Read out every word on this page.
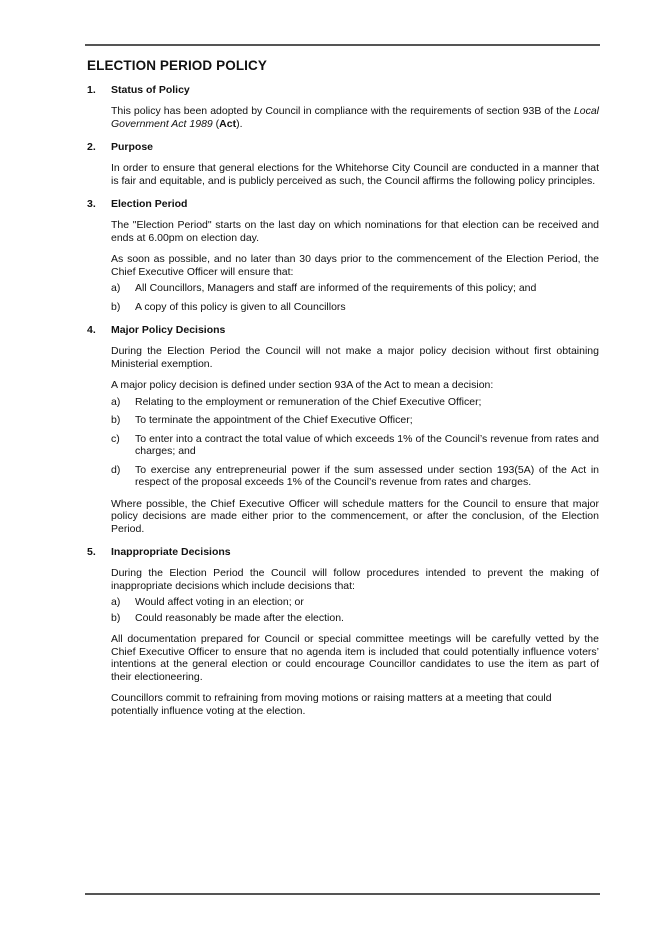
ELECTION PERIOD POLICY
1.	Status of Policy

This policy has been adopted by Council in compliance with the requirements of section 93B of the Local Government Act 1989 (Act).

2.	Purpose

In order to ensure that general elections for the Whitehorse City Council are conducted in a manner that is fair and equitable, and is publicly perceived as such, the Council affirms the following policy principles.

3.	Election Period

The "Election Period" starts on the last day on which nominations for that election can be received and ends at 6.00pm on election day.

As soon as possible, and no later than 30 days prior to the commencement of the Election Period, the Chief Executive Officer will ensure that:

a)	All Councillors, Managers and staff are informed of the requirements of this policy; and
b)	A copy of this policy is given to all Councillors
4.	Major Policy Decisions

During the Election Period the Council will not make a major policy decision without first obtaining Ministerial exemption.

A major policy decision is defined under section 93A of the Act to mean a decision:

a)	Relating to the employment or remuneration of the Chief Executive Officer;
b)	To terminate the appointment of the Chief Executive Officer;
c)	To enter into a contract the total value of which exceeds 1% of the Council’s revenue from rates and charges; and
d)	To exercise any entrepreneurial power if the sum assessed under section 193(5A) of the Act in respect of the proposal exceeds 1% of the Council’s revenue from rates and charges.

Where possible, the Chief Executive Officer will schedule matters for the Council to ensure that major policy decisions are made either prior to the commencement, or after the conclusion, of the Election Period.

5.	Inappropriate Decisions

During the Election Period the Council will follow procedures intended to prevent the making of inappropriate decisions which include decisions that:

a)	Would affect voting in an election; or
b)	Could reasonably be made after the election.

All documentation prepared for Council or special committee meetings will be carefully vetted by the Chief Executive Officer to ensure that no agenda item is included that could potentially influence voters’ intentions at the general election or could encourage Councillor candidates to use the item as part of their electioneering.

Councillors commit to refraining from moving motions or raising matters at a meeting that could potentially influence voting at the election.
